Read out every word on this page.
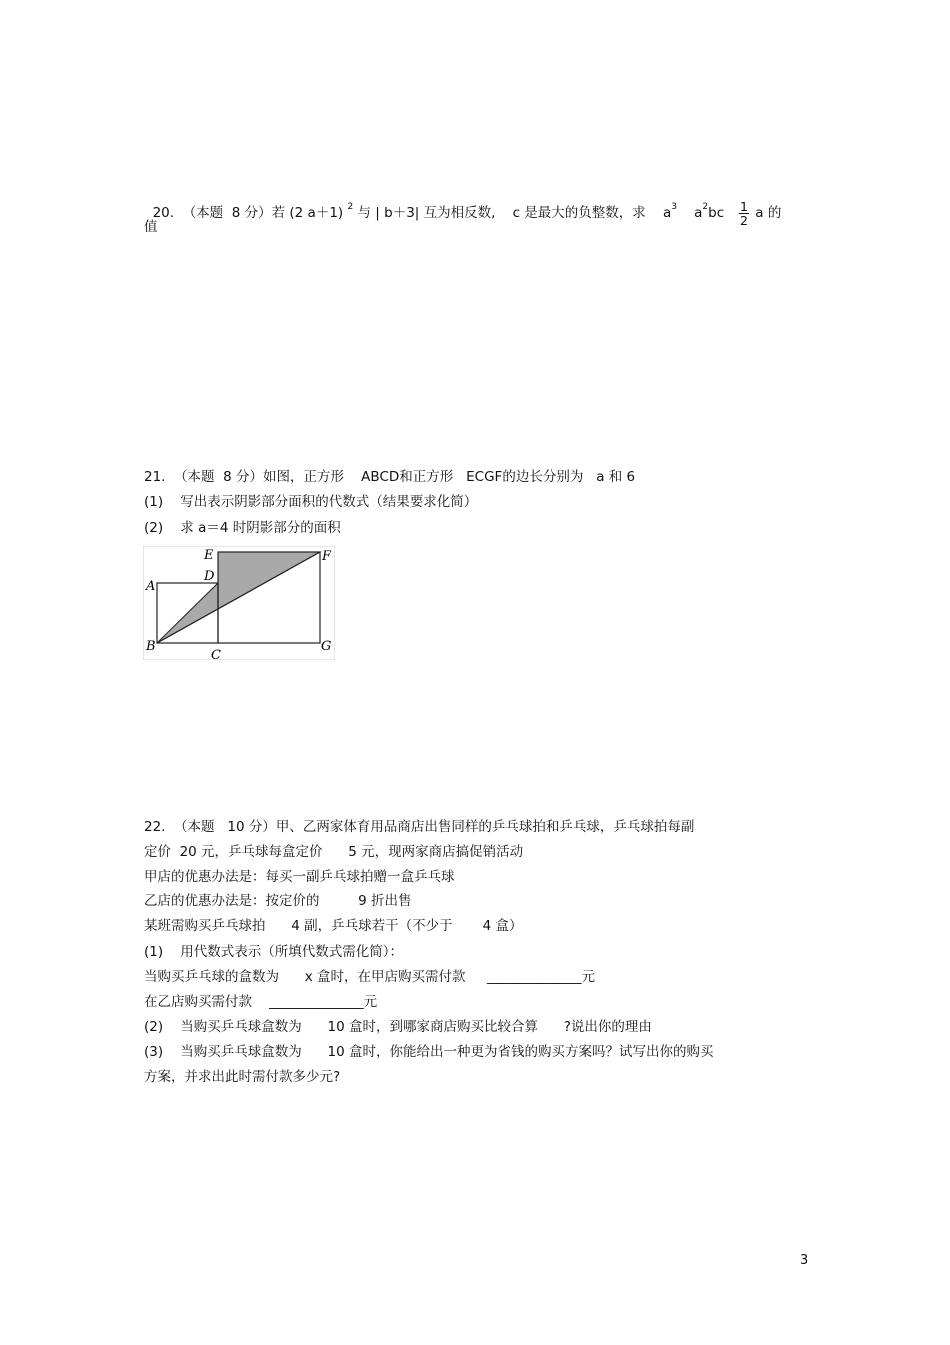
20.  （本题  8 分）若 (2 a＋1) $^2$ 与 | b＋3| 互为相反数,    c 是最大的负整数，求    $a^3$    $a^2bc \frac{1}{2}$ a 的

值
21.  （本题  8 分）如图，正方形    ABCD和正方形   ECGF的边长分别为   a 和 6
(1)    写出表示阴影部分面积的代数式（结果要求化简）
(2)    求 a＝4 时阴影部分的面积
A
B
C
D
E	F
G
22.  （本题   10 分）甲、乙两家体育用品商店出售同样的乒乓球拍和乒乓球，乒乓球拍每副
定价  20 元，乒乓球每盒定价      5 元，现两家商店搞促销活动
甲店的优惠办法是：每买一副乒乓球拍赠一盒乒乓球
乙店的优惠办法是：按定价的         9 折出售
某班需购买乒乓球拍      4 副，乒乓球若干（不少于       4 盒）
(1)    用代数式表示（所填代数式需化简）：
当购买乒乓球的盒数为      x 盒时，在甲店购买需付款     ______________元
在乙店购买需付款    ______________元
(2)    当购买乒乓球盒数为      10 盒时，到哪家商店购买比较合算      ?说出你的理由
(3)    当购买乒乓球盒数为      10 盒时，你能给出一种更为省钱的购买方案吗？试写出你的购买
方案，并求出此时需付款多少元?
3
